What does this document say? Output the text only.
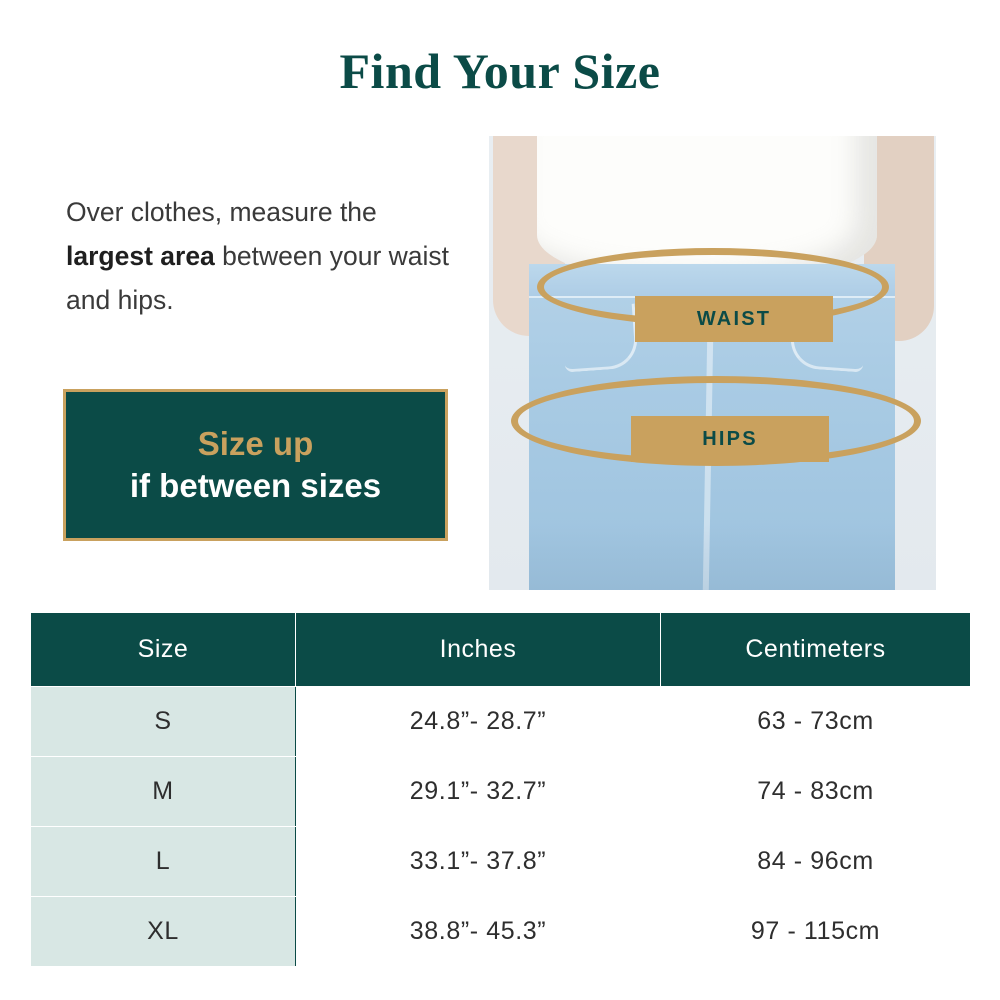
Find Your Size
Over clothes, measure the largest area between your waist and hips.
Size up
if between sizes
WAIST
HIPS
Size	Inches	Centimeters
S	24.8”- 28.7”	63 - 73cm
M	29.1”- 32.7”	74 - 83cm
L	33.1”- 37.8”	84 - 96cm
XL	38.8”- 45.3”	97 - 115cm
